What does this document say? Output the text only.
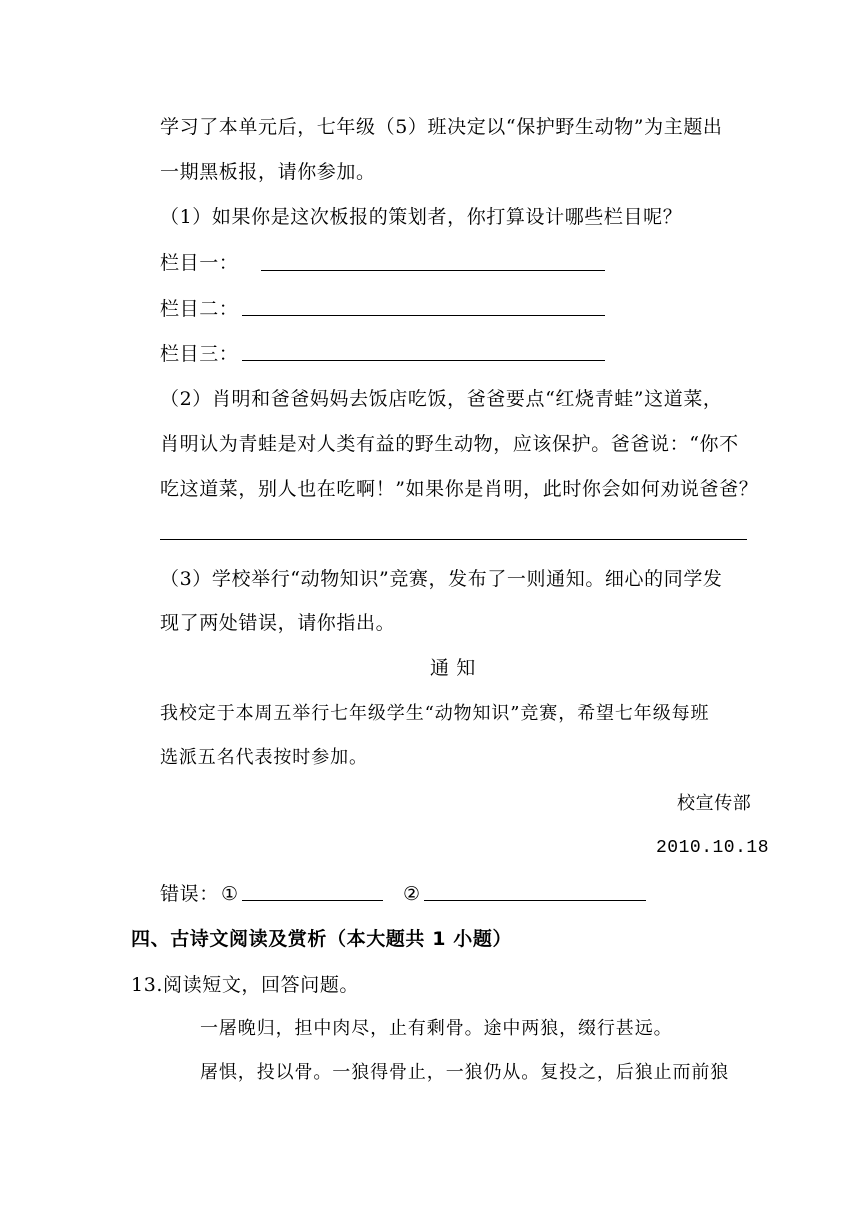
学习了本单元后，七年级（5）班决定以“保护野生动物”为主题出
一期黑板报，请你参加。
（1）如果你是这次板报的策划者，你打算设计哪些栏目呢？
栏目一：
栏目二：
栏目三：
（2）肖明和爸爸妈妈去饭店吃饭，爸爸要点“红烧青蛙”这道菜，
肖明认为青蛙是对人类有益的野生动物，应该保护。爸爸说：“你不
吃这道菜，别人也在吃啊！”如果你是肖明，此时你会如何劝说爸爸？
（3）学校举行“动物知识”竞赛，发布了一则通知。细心的同学发
现了两处错误，请你指出。
通 知
我校定于本周五举行七年级学生“动物知识”竞赛，希望七年级每班
选派五名代表按时参加。
校宣传部
2010.10.18
错误： ①	②
四、古诗文阅读及赏析（本大题共 1 小题）
13.阅读短文，回答问题。
一屠晚归，担中肉尽，止有剩骨。途中两狼，缀行甚远。
屠惧，投以骨。一狼得骨止，一狼仍从。复投之，后狼止而前狼
